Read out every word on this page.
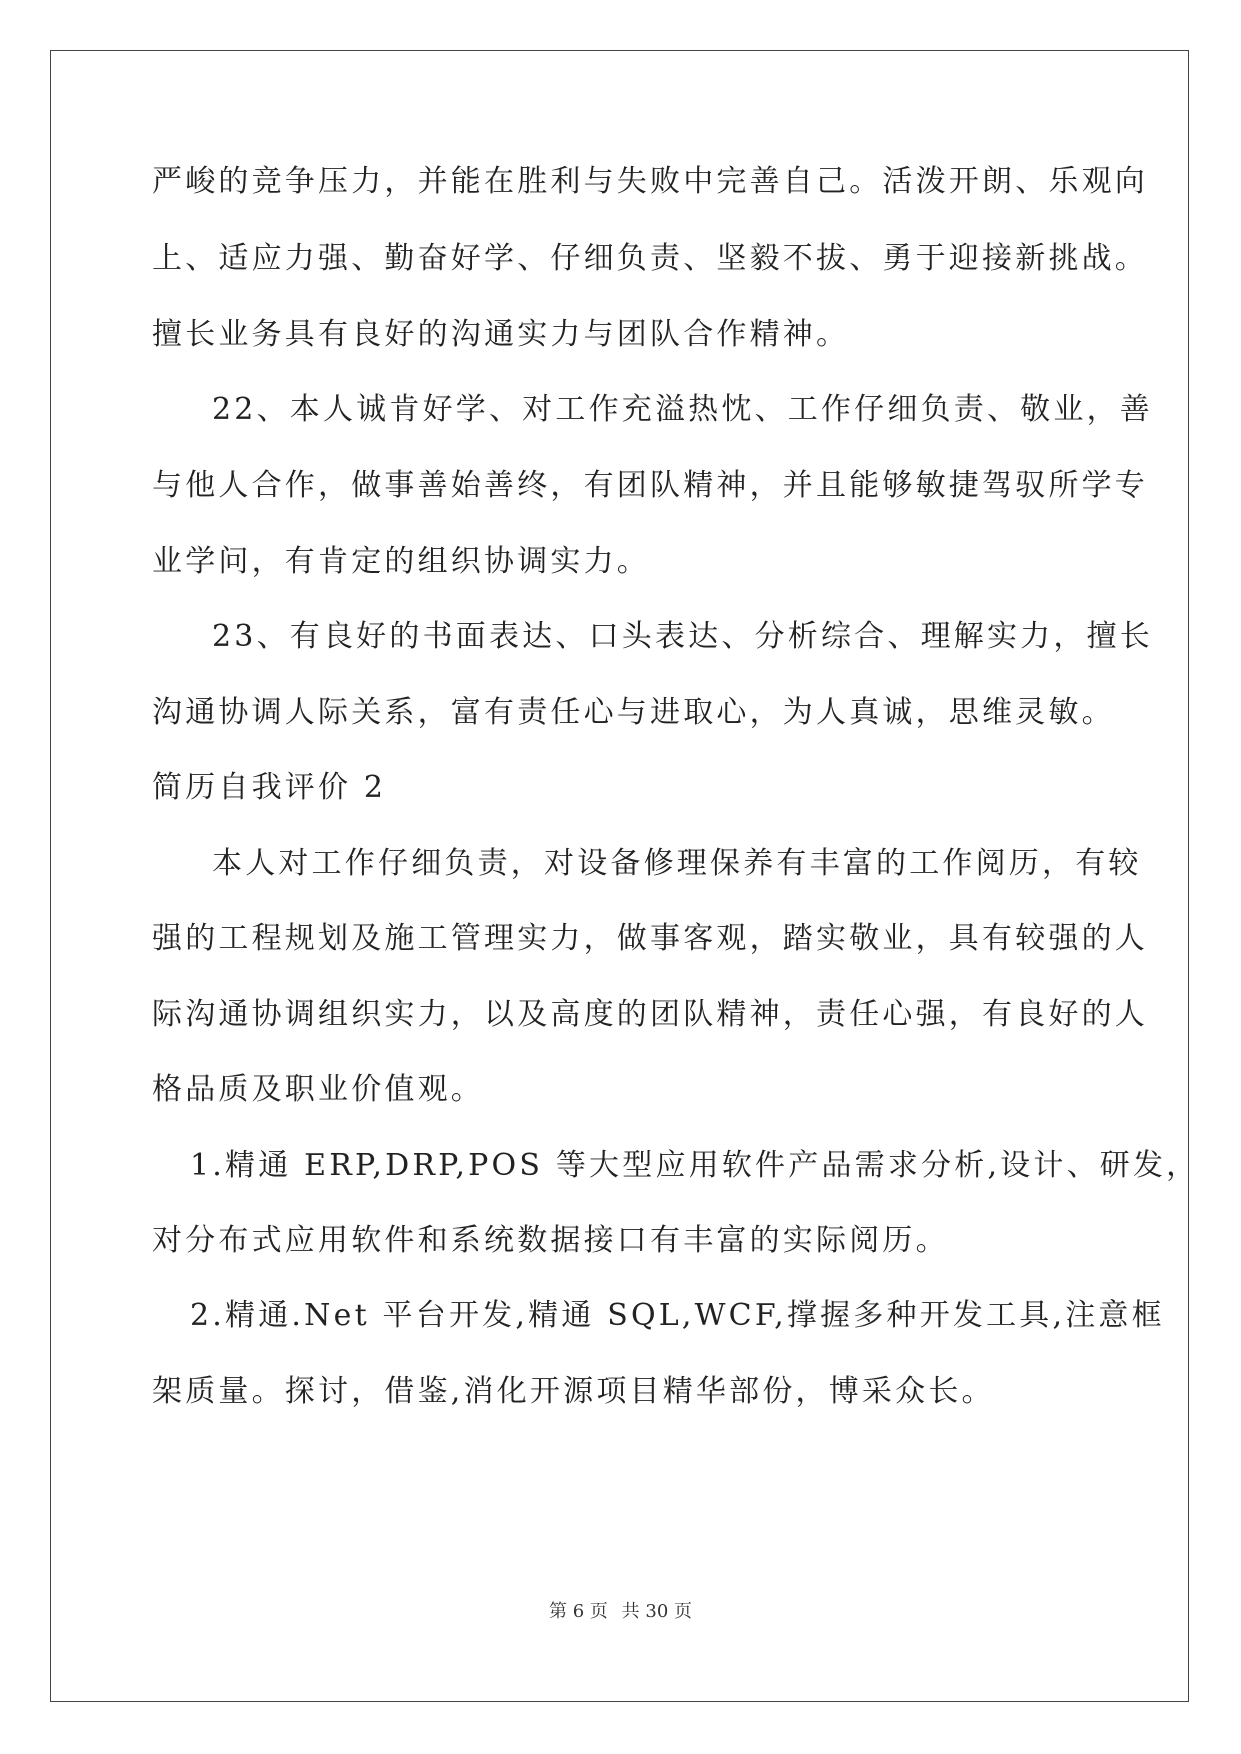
严峻的竞争压力，并能在胜利与失败中完善自己。活泼开朗、乐观向
上、适应力强、勤奋好学、仔细负责、坚毅不拔、勇于迎接新挑战。
擅长业务具有良好的沟通实力与团队合作精神。
22、本人诚肯好学、对工作充溢热忱、工作仔细负责、敬业，善
与他人合作，做事善始善终，有团队精神，并且能够敏捷驾驭所学专
业学问，有肯定的组织协调实力。
23、有良好的书面表达、口头表达、分析综合、理解实力，擅长
沟通协调人际关系，富有责任心与进取心，为人真诚，思维灵敏。
简历自我评价 2
本人对工作仔细负责，对设备修理保养有丰富的工作阅历，有较
强的工程规划及施工管理实力，做事客观，踏实敬业，具有较强的人
际沟通协调组织实力，以及高度的团队精神，责任心强，有良好的人
格品质及职业价值观。
1.精通 ERP,DRP,POS 等大型应用软件产品需求分析,设计、研发，
对分布式应用软件和系统数据接口有丰富的实际阅历。
2.精通.Net 平台开发,精通 SQL,WCF,撑握多种开发工具,注意框
架质量。探讨，借鉴,消化开源项目精华部份，博采众长。
第 6 页 共 30 页
